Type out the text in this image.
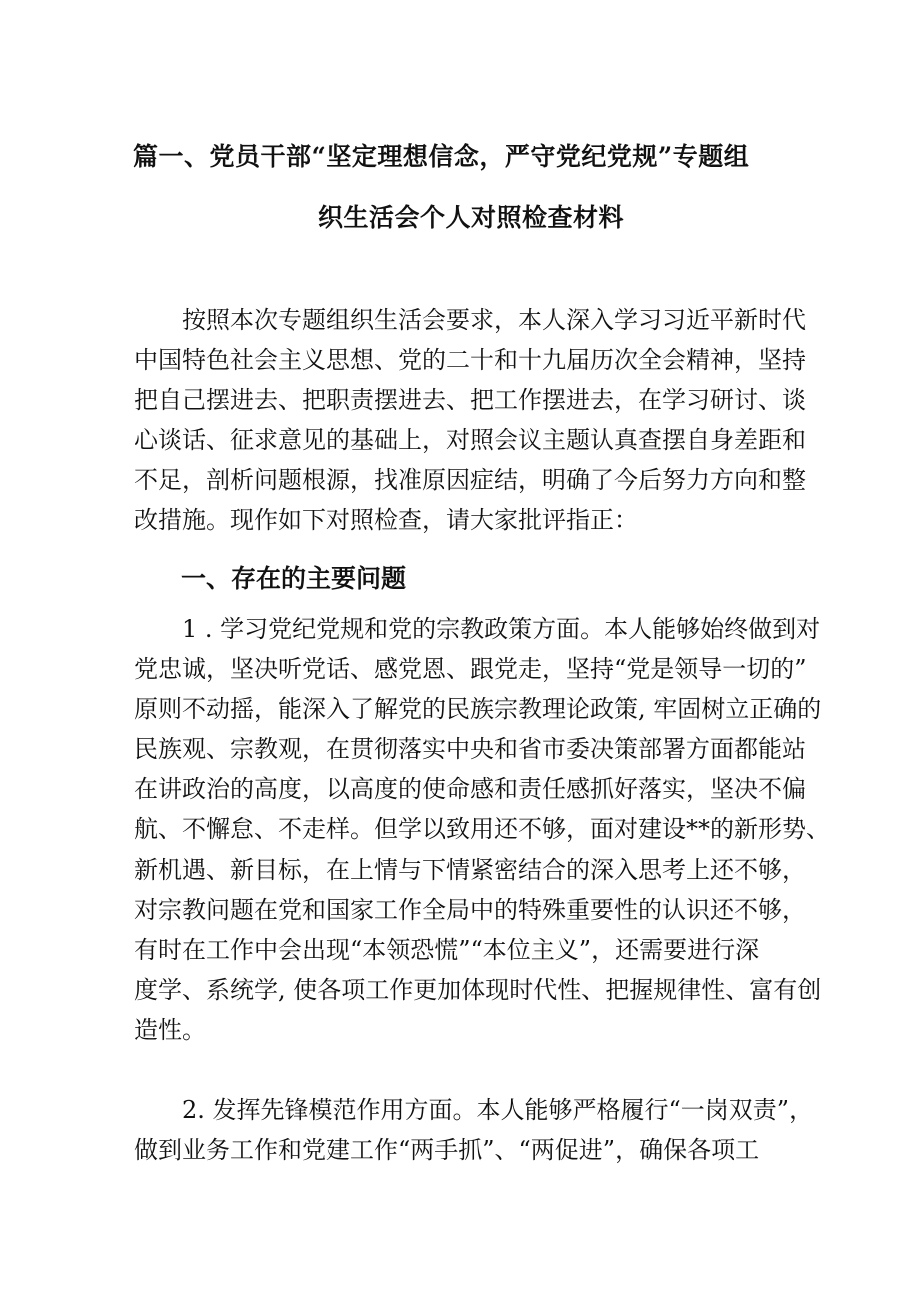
篇一、党员干部“坚定理想信念，严守党纪党规”专题组
织生活会个人对照检查材料
按照本次专题组织生活会要求，本人深入学习习近平新时代
中国特色社会主义思想、党的二十和十九届历次全会精神，坚持
把自己摆进去、把职责摆进去、把工作摆进去，在学习研讨、谈
心谈话、征求意见的基础上，对照会议主题认真查摆自身差距和
不足，剖析问题根源，找准原因症结，明确了今后努力方向和整
改措施。现作如下对照检查，请大家批评指正：
一、存在的主要问题
1 . 学习党纪党规和党的宗教政策方面。本人能够始终做到对
党忠诚，坚决听党话、感党恩、跟党走，坚持“党是领导一切的”
原则不动摇，能深入了解党的民族宗教理论政策, 牢固树立正确的
民族观、宗教观，在贯彻落实中央和省市委决策部署方面都能站
在讲政治的高度，以高度的使命感和责任感抓好落实，坚决不偏
航、不懈怠、不走样。但学以致用还不够，面对建设**的新形势、
新机遇、新目标，在上情与下情紧密结合的深入思考上还不够，
对宗教问题在党和国家工作全局中的特殊重要性的认识还不够，
有时在工作中会出现“本领恐慌”“本位主义”，还需要进行深
度学、系统学, 使各项工作更加体现时代性、把握规律性、富有创
造性。
2. 发挥先锋模范作用方面。本人能够严格履行“一岗双责”，
做到业务工作和党建工作“两手抓”、“两促进”，确保各项工
